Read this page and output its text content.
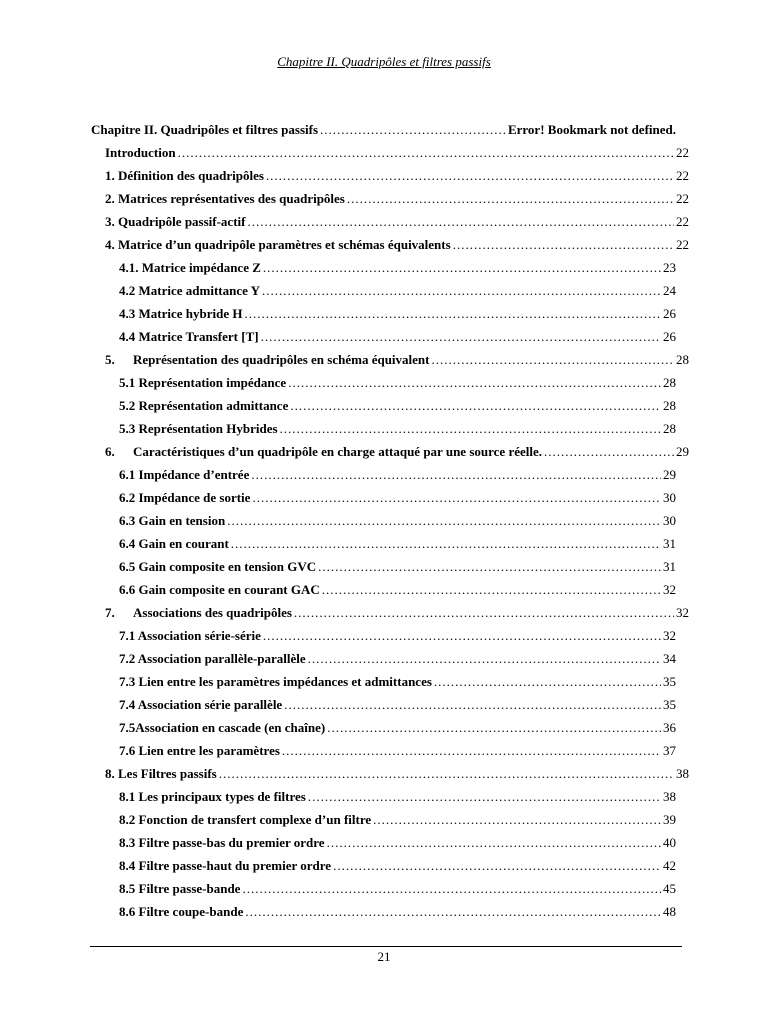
Chapitre II. Quadripôles et filtres passifs
Chapitre II. Quadripôles et filtres passifs .....	Error! Bookmark not defined.
Introduction .....	22
1. Définition des quadripôles .....	22
2. Matrices représentatives des quadripôles .....	22
3. Quadripôle passif-actif .....	22
4. Matrice d’un quadripôle paramètres et schémas équivalents .....	22
4.1. Matrice impédance Z .....	23
4.2 Matrice admittance Y .....	24
4.3 Matrice hybride H .....	26
4.4 Matrice Transfert [T] .....	26
5. Représentation des quadripôles en schéma équivalent .....	28
5.1 Représentation impédance .....	28
5.2 Représentation admittance .....	28
5.3 Représentation Hybrides .....	28
6. Caractéristiques d’un quadripôle en charge attaqué par une source réelle. .....	29
6.1 Impédance d’entrée .....	29
6.2 Impédance de sortie .....	30
6.3 Gain en tension .....	30
6.4 Gain en courant .....	31
6.5 Gain composite en tension GVC .....	31
6.6 Gain composite en courant GAC .....	32
7. Associations des quadripôles .....	32
7.1 Association série-série .....	32
7.2 Association parallèle-parallèle .....	34
7.3 Lien entre les paramètres impédances et admittances .....	35
7.4 Association série parallèle .....	35
7.5Association en cascade (en chaîne) .....	36
7.6 Lien entre les paramètres .....	37
8. Les Filtres passifs .....	38
8.1 Les principaux types de filtres .....	38
8.2 Fonction de transfert complexe d’un filtre .....	39
8.3 Filtre passe-bas du premier ordre .....	40
8.4 Filtre passe-haut du premier ordre .....	42
8.5 Filtre passe-bande .....	45
8.6 Filtre coupe-bande .....	48
21
